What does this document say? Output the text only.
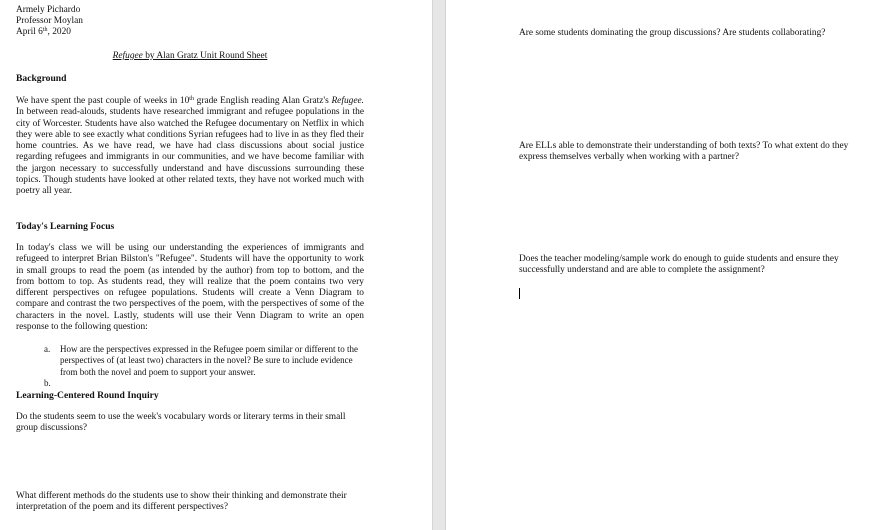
Armely Pichardo

Professor Moylan

April 6th, 2020

Refugee by Alan Gratz Unit Round Sheet

Background

We have spent the past couple of weeks in 10th grade English reading Alan Gratz's Refugee. In between read-alouds, students have researched immigrant and refugee populations in the city of Worcester. Students have also watched the Refugee documentary on Netflix in which they were able to see exactly what conditions Syrian refugees had to live in as they fled their home countries. As we have read, we have had class discussions about social justice regarding refugees and immigrants in our communities, and we have become familiar with the jargon necessary to successfully understand and have discussions surrounding these topics. Though students have looked at other related texts, they have not worked much with poetry all year.

Today's Learning Focus

In today's class we will be using our understanding the experiences of immigrants and refugeed to interpret Brian Bilston's "Refugee". Students will have the opportunity to work in small groups to read the poem (as intended by the author) from top to bottom, and the from bottom to top. As students read, they will realize that the poem contains two very different perspectives on refugee populations. Students will create a Venn Diagram to compare and contrast the two perspectives of the poem, with the perspectives of some of the characters in the novel. Lastly, students will use their Venn Diagram to write an open response to the following question:

a.	How are the perspectives expressed in the Refugee poem similar or different to the perspectives of (at least two) characters in the novel? Be sure to include evidence from both the novel and poem to support your answer.
b.

Learning-Centered Round Inquiry

Do the students seem to use the week's vocabulary words or literary terms in their small group discussions?

What different methods do the students use to show their thinking and demonstrate their interpretation of the poem and its different perspectives?

Are some students dominating the group discussions? Are students collaborating?

Are ELLs able to demonstrate their understanding of both texts? To what extent do they express themselves verbally when working with a partner?

Does the teacher modeling/sample work do enough to guide students and ensure they successfully understand and are able to complete the assignment?
